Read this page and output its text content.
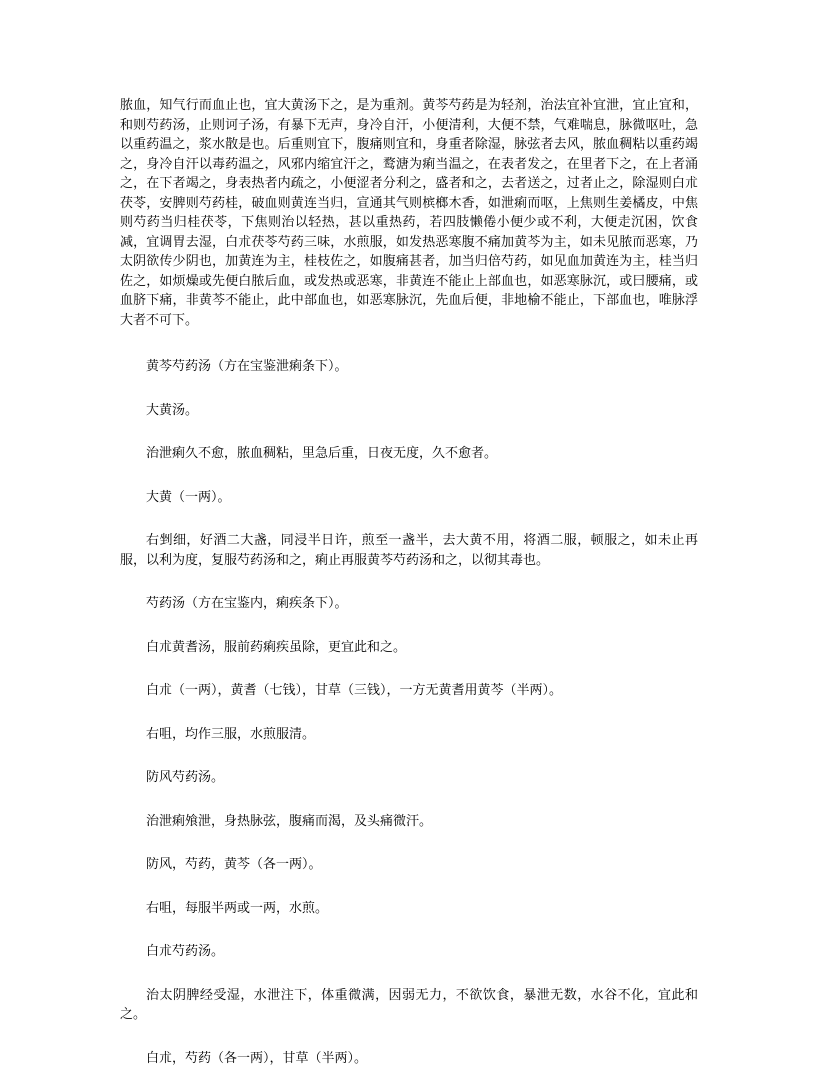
脓血，知气行而血止也，宜大黄汤下之，是为重剂。黄芩芍药是为轻剂，治法宜补宜泄，宜止宜和，和则芍药汤，止则诃子汤，有暴下无声，身冷自汗，小便清利，大便不禁，气难喘息，脉微呕吐，急以重药温之，浆水散是也。后重则宜下，腹痛则宜和，身重者除湿，脉弦者去风，脓血稠粘以重药竭之，身冷自汗以毒药温之，风邪内缩宜汗之，鹜溏为痢当温之，在表者发之，在里者下之，在上者涌之，在下者竭之，身表热者内疏之，小便涩者分利之，盛者和之，去者送之，过者止之，除湿则白朮茯苓，安脾则芍药桂，破血则黄连当归，宣通其气则槟榔木香，如泄痢而呕，上焦则生姜橘皮，中焦则芍药当归桂茯苓，下焦则治以轻热，甚以重热药，若四肢懒倦小便少或不利，大便走沉困，饮食减，宜调胃去湿，白朮茯苓芍药三味，水煎服，如发热恶寒腹不痛加黄芩为主，如未见脓而恶寒，乃太阴欲传少阴也，加黄连为主，桂枝佐之，如腹痛甚者，加当归倍芍药，如见血加黄连为主，桂当归佐之，如烦燥或先便白脓后血，或发热或恶寒，非黄连不能止上部血也，如恶寒脉沉，或曰腰痛，或血脐下痛，非黄芩不能止，此中部血也，如恶寒脉沉，先血后便，非地榆不能止，下部血也，唯脉浮大者不可下。

黄芩芍药汤（方在宝鉴泄痢条下）。

大黄汤。

治泄痢久不愈，脓血稠粘，里急后重，日夜无度，久不愈者。

大黄（一两）。

右剉细，好酒二大盏，同浸半日许，煎至一盏半，去大黄不用，将酒二服，顿服之，如未止再服，以利为度，复服芍药汤和之，痢止再服黄芩芍药汤和之，以彻其毒也。

芍药汤（方在宝鉴内，痢疾条下）。

白朮黄耆汤，服前药痢疾虽除，更宜此和之。

白朮（一两），黄耆（七钱），甘草（三钱），一方无黄耆用黄芩（半两）。

右咀，均作三服，水煎服清。

防风芍药汤。

治泄痢飧泄，身热脉弦，腹痛而渴，及头痛微汗。

防风，芍药，黄芩（各一两）。

右咀，每服半两或一两，水煎。

白朮芍药汤。

治太阴脾经受湿，水泄注下，体重微满，因弱无力，不欲饮食，暴泄无数，水谷不化，宜此和之。

白朮，芍药（各一两），甘草（半两）。
